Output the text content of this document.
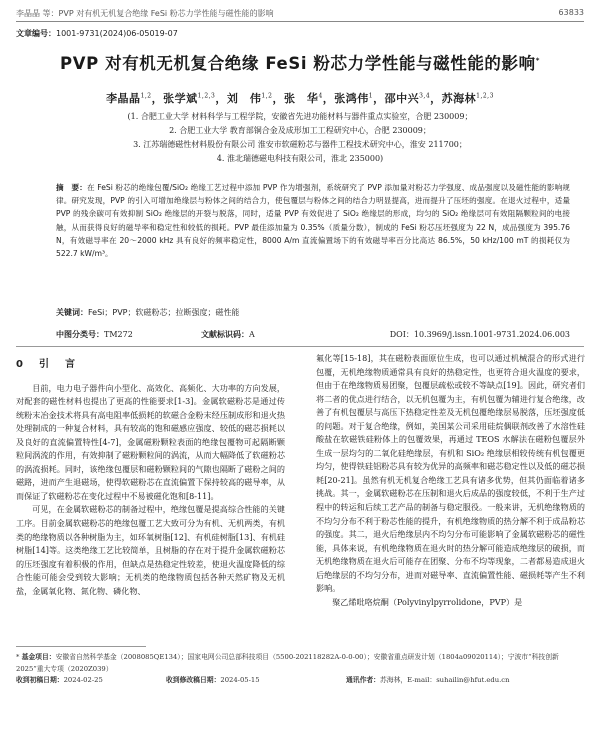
李晶晶 等：PVP 对有机无机复合绝缘 FeSi 粉芯力学性能与磁性能的影响	63833
文章编号：1001-9731(2024)06-05019-07
PVP 对有机无机复合绝缘 FeSi 粉芯力学性能与磁性能的影响*
李晶晶$^{1,2}$，张学斌$^{1,2,3}$，刘　伟$^{1,2}$，张　华$^4$，张鸿伟$^1$，邵中兴$^{3,4}$，苏海林$^{1,2,3}$
(1. 合肥工业大学 材料科学与工程学院，安徽省先进功能材料与器件重点实验室，合肥 230009；
2. 合肥工业大学 教育部铜合金及成形加工工程研究中心，合肥 230009；
3. 江苏瑞德磁性材料股份有限公司 淮安市软磁粉芯与器件工程技术研究中心，淮安 211700；
4. 淮北瑞德磁电科技有限公司，淮北 235000)
摘　要：在 FeSi 粉芯的绝缘包覆/SiO₂ 绝缘工艺过程中添加 PVP 作为增强剂，系统研究了 PVP 添加量对粉芯力学强度、成品强度以及磁性能的影响规律。研究发现，PVP 的引入可增加绝缘层与粉体之间的结合力，使包覆层与粉体之间的结合力明显提高，进而提升了压坯的强度。在退火过程中，适量 PVP 的残余碳可有效抑制 SiO₂ 绝缘层的开裂与脱落，同时，适量 PVP 有效促进了 SiO₂ 绝缘层的形成，均匀的 SiO₂ 绝缘层可有效阻隔颗粒间的电接触，从而获得良好的磁导率和稳定性和较低的损耗。PVP 最佳添加量为 0.35%（质量分数），制成的 FeSi 粉芯压坯强度为 22 N，成品强度为 395.76 N，有效磁导率在 20～2000 kHz 具有良好的频率稳定性，8000 A/m 直流偏置场下的有效磁导率百分比高达 86.5%，50 kHz/100 mT 的损耗仅为 522.7 kW/m³。
关键词：FeSi；PVP；软磁粉芯；拉断强度；磁性能
中图分类号：TM272	文献标识码：A	DOI：10.3969/j.issn.1001-9731.2024.06.003
0　引　言

目前，电力电子器件向小型化、高效化、高频化、大功率的方向发展，对配套的磁性材料也提出了更高的性能要求[1-3]。金属软磁粉芯是通过传统粉末冶金技术将具有高电阻率低损耗的软磁合金粉末经压制成形和退火热处理制成的一种复合材料，具有较高的饱和磁感应强度、较低的磁芯损耗以及良好的直流偏置特性[4-7]，金属磁粉颗粒表面的绝缘包覆物可起隔断颗粒间涡流的作用，有效抑制了磁粉颗粒间的涡流，从而大幅降低了软磁粉芯的涡流损耗。同时，该绝缘包覆层和磁粉颗粒间的气隙也隔断了磁粉之间的磁路，进而产生退磁场，使得软磁粉芯在直流偏置下保持较高的磁导率，从而保证了软磁粉芯在变化过程中不易被磁化饱和[8-11]。

可见，在金属软磁粉芯的制备过程中，绝缘包覆是提高综合性能的关键工序。目前金属软磁粉芯的绝缘包覆工艺大致可分为有机、无机两类，有机类的绝缘物质以各种树脂为主，如环氧树脂[12]、有机硅树脂[13]、有机硅树脂[14]等。这类绝缘工艺比较简单，且树脂的存在对于提升金属软磁粉芯的压坯强度有着积极的作用，但缺点是热稳定性较差，使退火温度降低的综合性能可能会受到较大影响；无机类的绝缘物质包括各种天然矿物及无机盐，金属氧化物、氮化物、磷化物、

氟化等[15-18]，其在磁粉表面原位生成，也可以通过机械混合的形式进行包覆，无机绝缘物质通常具有良好的热稳定性，也更符合退火温度的要求，但由于在绝缘物质易团聚，包覆层疏松或较不等缺点[19]。因此，研究者们将二者的优点进行结合，以无机包覆为主，有机包覆为辅进行复合绝缘，改善了有机包覆层与高压下热稳定性差及无机包覆绝缘层易脱落，压坯强度低的问题。对于复合绝缘，例如，美国某公司采用硅烷偶联剂改善了水溶性硅酸盐在软磁铁硅粉体上的包覆效果，再通过 TEOS 水解法在磁粉包覆层外生成一层均匀的二氧化硅绝缘层，有机和 SiO₂ 绝缘层相较传统有机包覆更均匀，使得铁硅铝粉芯具有较为优异的高频率和磁芯稳定性以及低的磁芯损耗[20-21]。虽然有机无机复合绝缘工艺具有诸多优势，但其仍面临着诸多挑战。其一，金属软磁粉芯在压制和退火后成品的强度较低，不利于生产过程中的转运和后续工艺产品的制备与稳定服役。一般来讲，无机绝缘物质的不均匀分布不利于粉芯性能的提升，有机绝缘物质的热分解不利于成品粉芯的强度。其二，退火后绝缘层内不均匀分布可能影响了金属软磁粉芯的磁性能，具体来说，有机绝缘物质在退火时的热分解可能造成绝缘层的破损，而无机绝缘物质在退火后可能存在团聚、分布不均等现象，二者都易造成退火后绝缘层的不均匀分布，进而对磁导率、直流偏置性能、磁损耗等产生不利影响。

聚乙烯吡咯烷酮（Polyvinylpyrrolidone，PVP）是

* 基金项目：安徽省自然科学基金（2008085QE134）；国家电网公司总部科技项目（5500-202118282A-0-0-00）；安徽省重点研发计划（1804a09020114）；宁波市“科技创新 2025”重大专项（2020Z039）
收到初稿日期：2024-02-25	收到修改稿日期：2024-05-15	通讯作者：苏海林，E-mail：suhailin@hfut.edu.cn
